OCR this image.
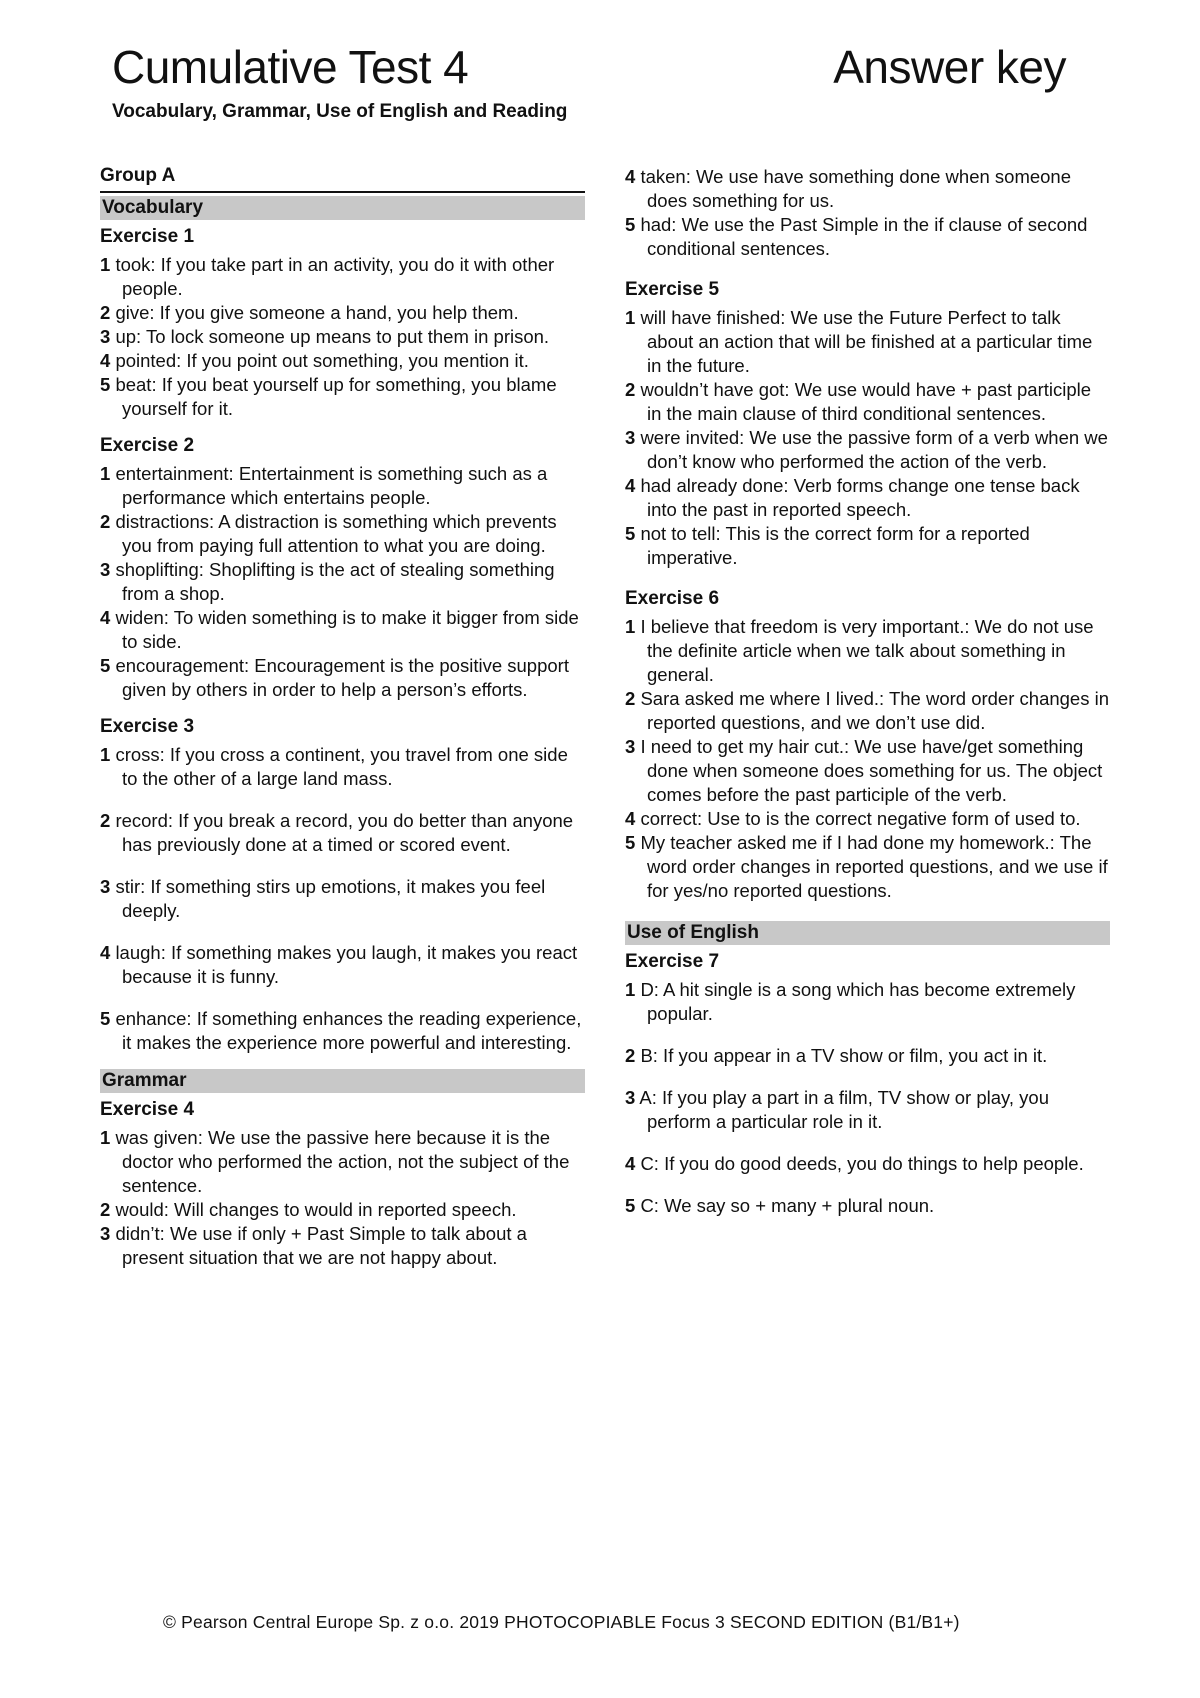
Cumulative Test 4	Answer key
Vocabulary, Grammar, Use of English and Reading
Group A
Vocabulary
Exercise 1
1 took: If you take part in an activity, you do it with other people.
2 give: If you give someone a hand, you help them.
3 up: To lock someone up means to put them in prison.
4 pointed: If you point out something, you mention it.
5 beat: If you beat yourself up for something, you blame yourself for it.
Exercise 2
1 entertainment: Entertainment is something such as a performance which entertains people.
2 distractions: A distraction is something which prevents you from paying full attention to what you are doing.
3 shoplifting: Shoplifting is the act of stealing something from a shop.
4 widen: To widen something is to make it bigger from side to side.
5 encouragement: Encouragement is the positive support given by others in order to help a person’s efforts.
Exercise 3
1 cross: If you cross a continent, you travel from one side to the other of a large land mass.
2 record: If you break a record, you do better than anyone has previously done at a timed or scored event.
3 stir: If something stirs up emotions, it makes you feel deeply.
4 laugh: If something makes you laugh, it makes you react because it is funny.
5 enhance: If something enhances the reading experience, it makes the experience more powerful and interesting.
Grammar
Exercise 4
1 was given: We use the passive here because it is the doctor who performed the action, not the subject of the sentence.
2 would: Will changes to would in reported speech.
3 didn’t: We use if only + Past Simple to talk about a present situation that we are not happy about.
4 taken: We use have something done when someone does something for us.
5 had: We use the Past Simple in the if clause of second conditional sentences.
Exercise 5
1 will have finished: We use the Future Perfect to talk about an action that will be finished at a particular time in the future.
2 wouldn’t have got: We use would have + past participle in the main clause of third conditional sentences.
3 were invited: We use the passive form of a verb when we don’t know who performed the action of the verb.
4 had already done: Verb forms change one tense back into the past in reported speech.
5 not to tell: This is the correct form for a reported imperative.
Exercise 6
1 I believe that freedom is very important.: We do not use the definite article when we talk about something in general.
2 Sara asked me where I lived.: The word order changes in reported questions, and we don’t use did.
3 I need to get my hair cut.: We use have/get something done when someone does something for us. The object comes before the past participle of the verb.
4 correct: Use to is the correct negative form of used to.
5 My teacher asked me if I had done my homework.: The word order changes in reported questions, and we use if for yes/no reported questions.
Use of English
Exercise 7
1 D: A hit single is a song which has become extremely popular.
2 B: If you appear in a TV show or film, you act in it.
3 A: If you play a part in a film, TV show or play, you perform a particular role in it.
4 C: If you do good deeds, you do things to help people.
5 C: We say so + many + plural noun.
© Pearson Central Europe Sp. z o.o. 2019 PHOTOCOPIABLE Focus 3 SECOND EDITION (B1/B1+)
